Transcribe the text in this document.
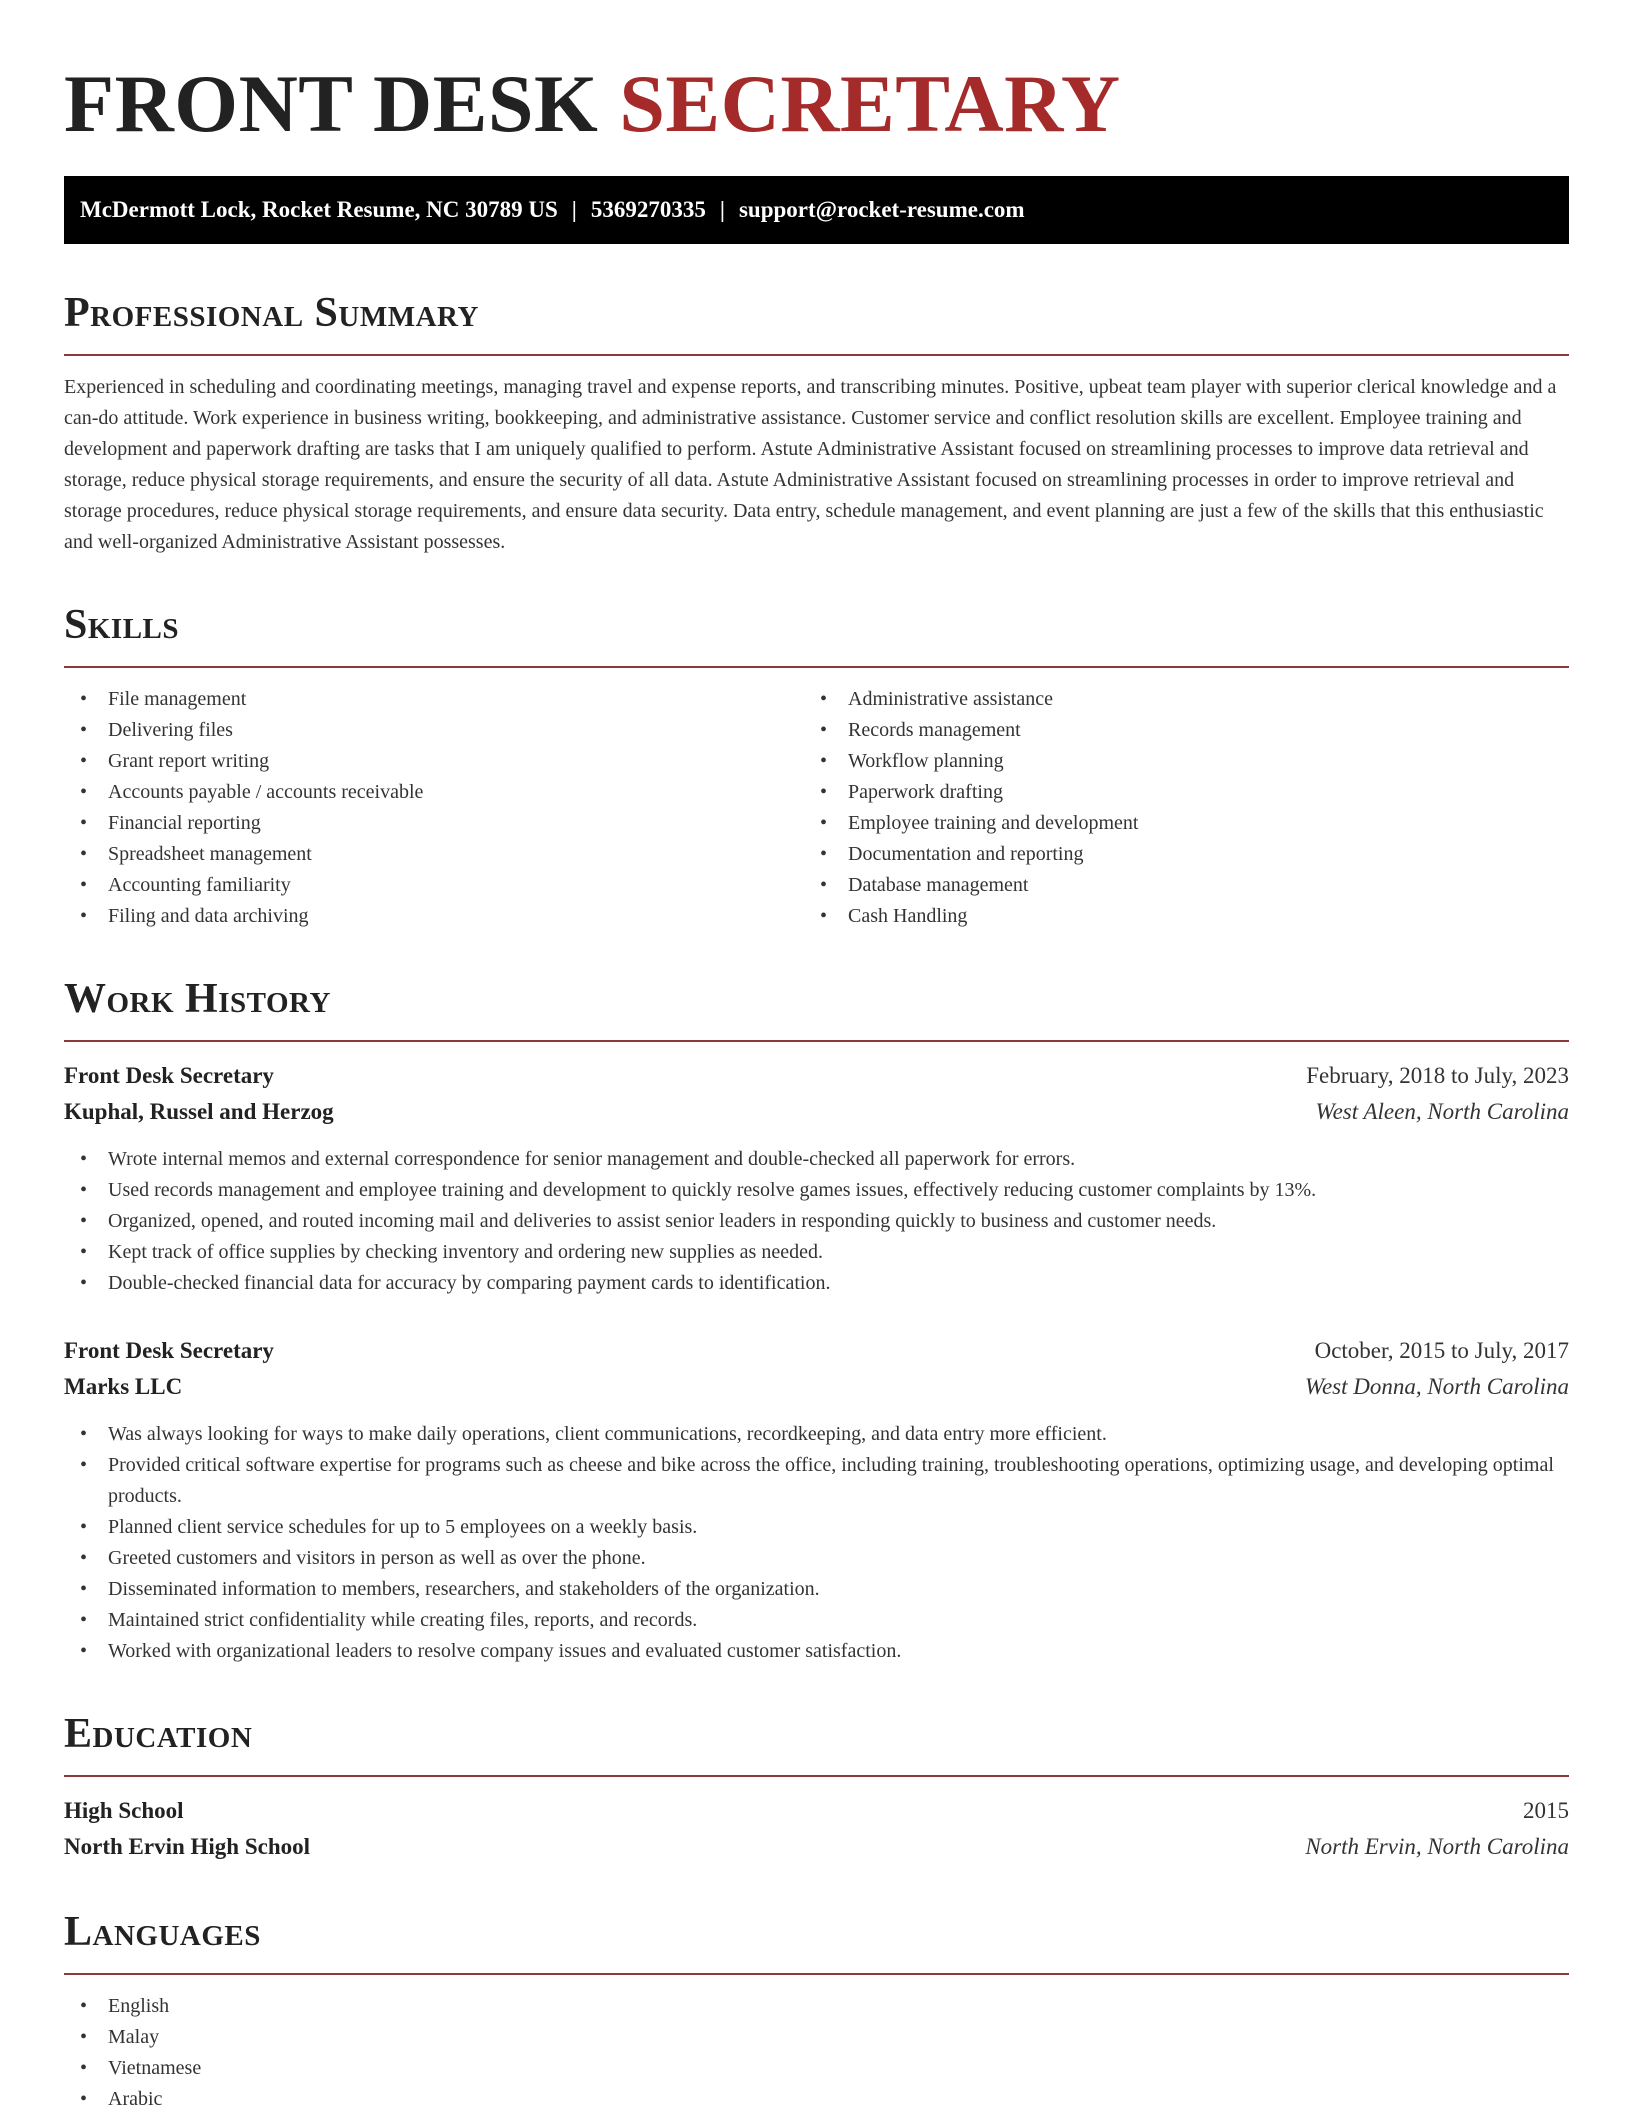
FRONT DESK SECRETARY
McDermott Lock, Rocket Resume, NC 30789 US | 5369270335 | support@rocket-resume.com
Professional Summary

Experienced in scheduling and coordinating meetings, managing travel and expense reports, and transcribing minutes. Positive, upbeat team player with superior clerical knowledge and a can-do attitude. Work experience in business writing, bookkeeping, and administrative assistance. Customer service and conflict resolution skills are excellent. Employee training and development and paperwork drafting are tasks that I am uniquely qualified to perform. Astute Administrative Assistant focused on streamlining processes to improve data retrieval and storage, reduce physical storage requirements, and ensure the security of all data. Astute Administrative Assistant focused on streamlining processes in order to improve retrieval and storage procedures, reduce physical storage requirements, and ensure data security. Data entry, schedule management, and event planning are just a few of the skills that this enthusiastic and well-organized Administrative Assistant possesses.

Skills
• File management
• Delivering files
• Grant report writing
• Accounts payable / accounts receivable
• Financial reporting
• Spreadsheet management
• Accounting familiarity
• Filing and data archiving
• Administrative assistance
• Records management
• Workflow planning
• Paperwork drafting
• Employee training and development
• Documentation and reporting
• Database management
• Cash Handling
Work History
Front Desk Secretary	February, 2018 to July, 2023
Kuphal, Russel and Herzog	West Aleen, North Carolina
• Wrote internal memos and external correspondence for senior management and double-checked all paperwork for errors.
• Used records management and employee training and development to quickly resolve games issues, effectively reducing customer complaints by 13%.
• Organized, opened, and routed incoming mail and deliveries to assist senior leaders in responding quickly to business and customer needs.
• Kept track of office supplies by checking inventory and ordering new supplies as needed.
• Double-checked financial data for accuracy by comparing payment cards to identification.
Front Desk Secretary	October, 2015 to July, 2017
Marks LLC	West Donna, North Carolina
• Was always looking for ways to make daily operations, client communications, recordkeeping, and data entry more efficient.
• Provided critical software expertise for programs such as cheese and bike across the office, including training, troubleshooting operations, optimizing usage, and developing optimal products.
• Planned client service schedules for up to 5 employees on a weekly basis.
• Greeted customers and visitors in person as well as over the phone.
• Disseminated information to members, researchers, and stakeholders of the organization.
• Maintained strict confidentiality while creating files, reports, and records.
• Worked with organizational leaders to resolve company issues and evaluated customer satisfaction.
Education
High School	2015
North Ervin High School	North Ervin, North Carolina
Languages
• English
• Malay
• Vietnamese
• Arabic
